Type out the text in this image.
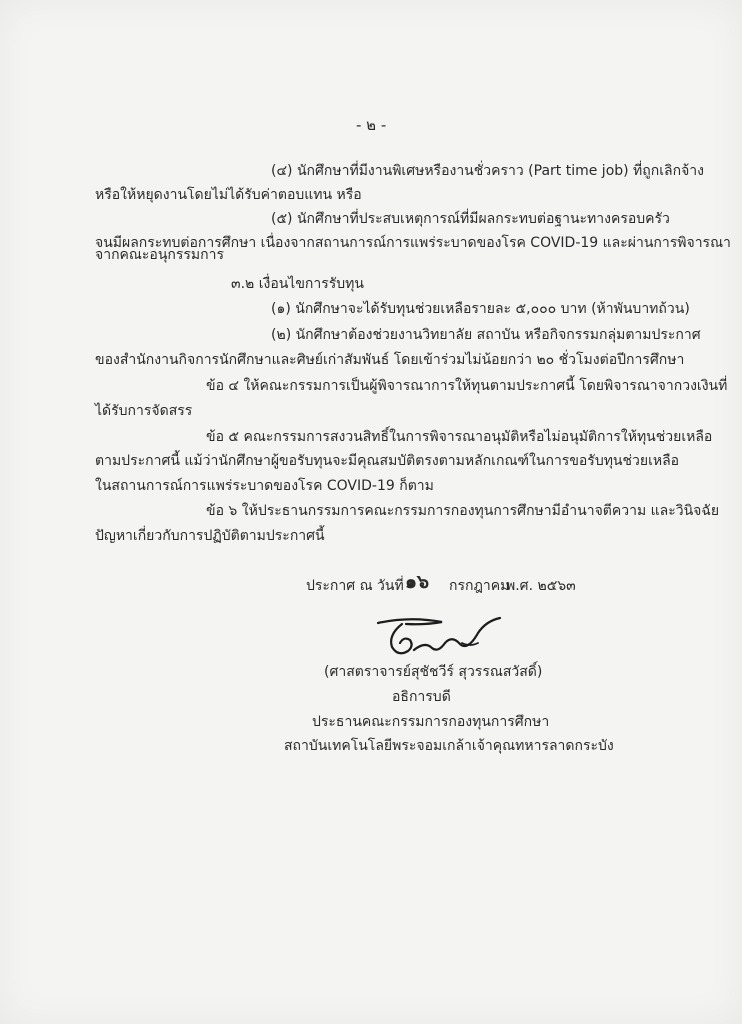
- ๒ -
(๔) นักศึกษาที่มีงานพิเศษหรืองานชั่วคราว (Part time job) ที่ถูกเลิกจ้าง
หรือให้หยุดงานโดยไม่ได้รับค่าตอบแทน หรือ
(๕) นักศึกษาที่ประสบเหตุการณ์ที่มีผลกระทบต่อฐานะทางครอบครัว
จนมีผลกระทบต่อการศึกษา เนื่องจากสถานการณ์การแพร่ระบาดของโรค COVID-19 และผ่านการพิจารณา
จากคณะอนุกรรมการ
๓.๒ เงื่อนไขการรับทุน
(๑) นักศึกษาจะได้รับทุนช่วยเหลือรายละ ๕,๐๐๐ บาท (ห้าพันบาทถ้วน)
(๒) นักศึกษาต้องช่วยงานวิทยาลัย สถาบัน หรือกิจกรรมกลุ่มตามประกาศ
ของสำนักงานกิจการนักศึกษาและศิษย์เก่าสัมพันธ์ โดยเข้าร่วมไม่น้อยกว่า ๒๐ ชั่วโมงต่อปีการศึกษา
ข้อ ๔ ให้คณะกรรมการเป็นผู้พิจารณาการให้ทุนตามประกาศนี้ โดยพิจารณาจากวงเงินที่
ได้รับการจัดสรร
ข้อ ๕ คณะกรรมการสงวนสิทธิ์ในการพิจารณาอนุมัติหรือไม่อนุมัติการให้ทุนช่วยเหลือ
ตามประกาศนี้ แม้ว่านักศึกษาผู้ขอรับทุนจะมีคุณสมบัติตรงตามหลักเกณฑ์ในการขอรับทุนช่วยเหลือ
ในสถานการณ์การแพร่ระบาดของโรค COVID-19 ก็ตาม
ข้อ ๖ ให้ประธานกรรมการคณะกรรมการกองทุนการศึกษามีอำนาจตีความ และวินิจฉัย
ปัญหาเกี่ยวกับการปฏิบัติตามประกาศนี้
ประกาศ ณ วันที่ ๑๖ กรกฎาคม
พ.ศ. ๒๕๖๓
(ศาสตราจารย์สุชัชวีร์ สุวรรณสวัสดิ์)
อธิการบดี
ประธานคณะกรรมการกองทุนการศึกษา
สถาบันเทคโนโลยีพระจอมเกล้าเจ้าคุณทหารลาดกระบัง
